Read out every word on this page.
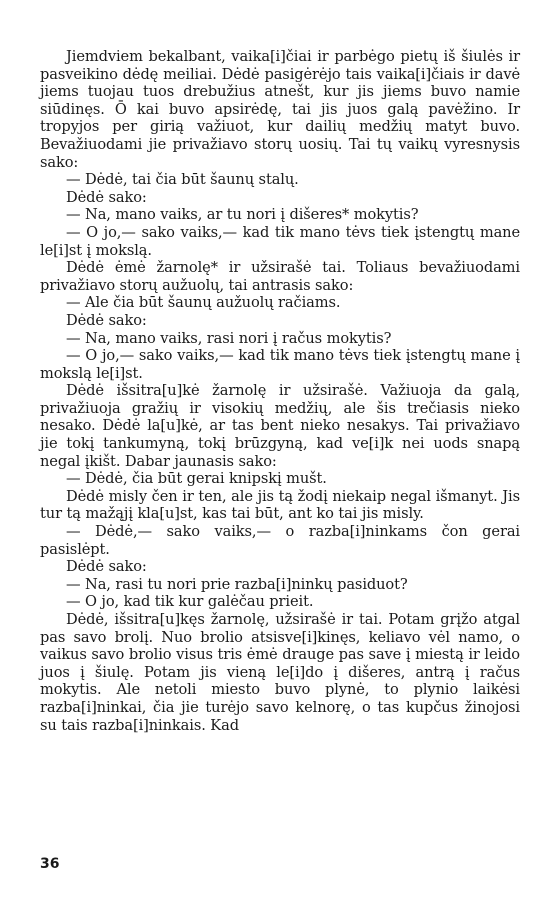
Jiemdviem bekalbant, vaika[i]čiai ir parbėgo pietų iš šiulės ir pasveikino dėdę meiliai. Dėdė pasigėrėjo tais vaika[i]čiais ir davė jiems tuojau tuos drebužius atnešt, kur jis jiems buvo namie siūdinęs. Ō kai buvo apsirėdę, tai jis juos galą pavėžino. Ir tropyjos per girią važiuot, kur dailių medžių matyt buvo. Bevažiuodami jie privažiavo storų uosių. Tai tų vaikų vyresnysis sako:

— Dėdė, tai čia būt šaunų stalų.

Dėdė sako:

— Na, mano vaiks, ar tu nori į dišeres* mokytis?

— O jo,— sako vaiks,— kad tik mano tėvs tiek įstengtų mane le[i]st į mokslą.

Dėdė ėmė žarnolę* ir užsirašė tai. Toliaus bevažiuodami privažiavo storų aužuolų, tai antrasis sako:

— Ale čia būt šaunų aužuolų račiams.

Dėdė sako:

— Na, mano vaiks, rasi nori į račus mokytis?

— O jo,— sako vaiks,— kad tik mano tėvs tiek įstengtų mane į mokslą le[i]st.

Dėdė išsitra[u]kė žarnolę ir užsirašė. Važiuoja da galą, privažiuoja gražių ir visokių medžių, ale šis trečiasis nieko nesako. Dėdė la[u]kė, ar tas bent nieko nesakys. Tai privažiavo jie tokį tankumyną, tokį brūzgyną, kad ve[i]k nei uods snapą negal įkišt. Dabar jaunasis sako:

— Dėdė, čia būt gerai knipskį mušt.

Dėdė misly čen ir ten, ale jis tą žodį niekaip negal išmanyt. Jis tur tą mažąjį kla[u]st, kas tai būt, ant ko tai jis misly.

— Dėdė,— sako vaiks,— o razba[i]ninkams čon gerai pasislėpt.

Dėdė sako:

— Na, rasi tu nori prie razba[i]ninkų pasiduot?

— O jo, kad tik kur galėčau prieit.

Dėdė, išsitra[u]kęs žarnolę, užsirašė ir tai. Potam grįžo atgal pas savo brolį. Nuo brolio atsisve[i]kinęs, keliavo vėl namo, o vaikus savo brolio visus tris ėmė drauge pas save į miestą ir leido juos į šiulę. Potam jis vieną le[i]do į dišeres, antrą į račus mokytis. Ale netoli miesto buvo plynė, to plynio laikėsi razba[i]ninkai, čia jie turėjo savo kelnorę, o tas kupčus žinojosi su tais razba[i]ninkais. Kad

36
